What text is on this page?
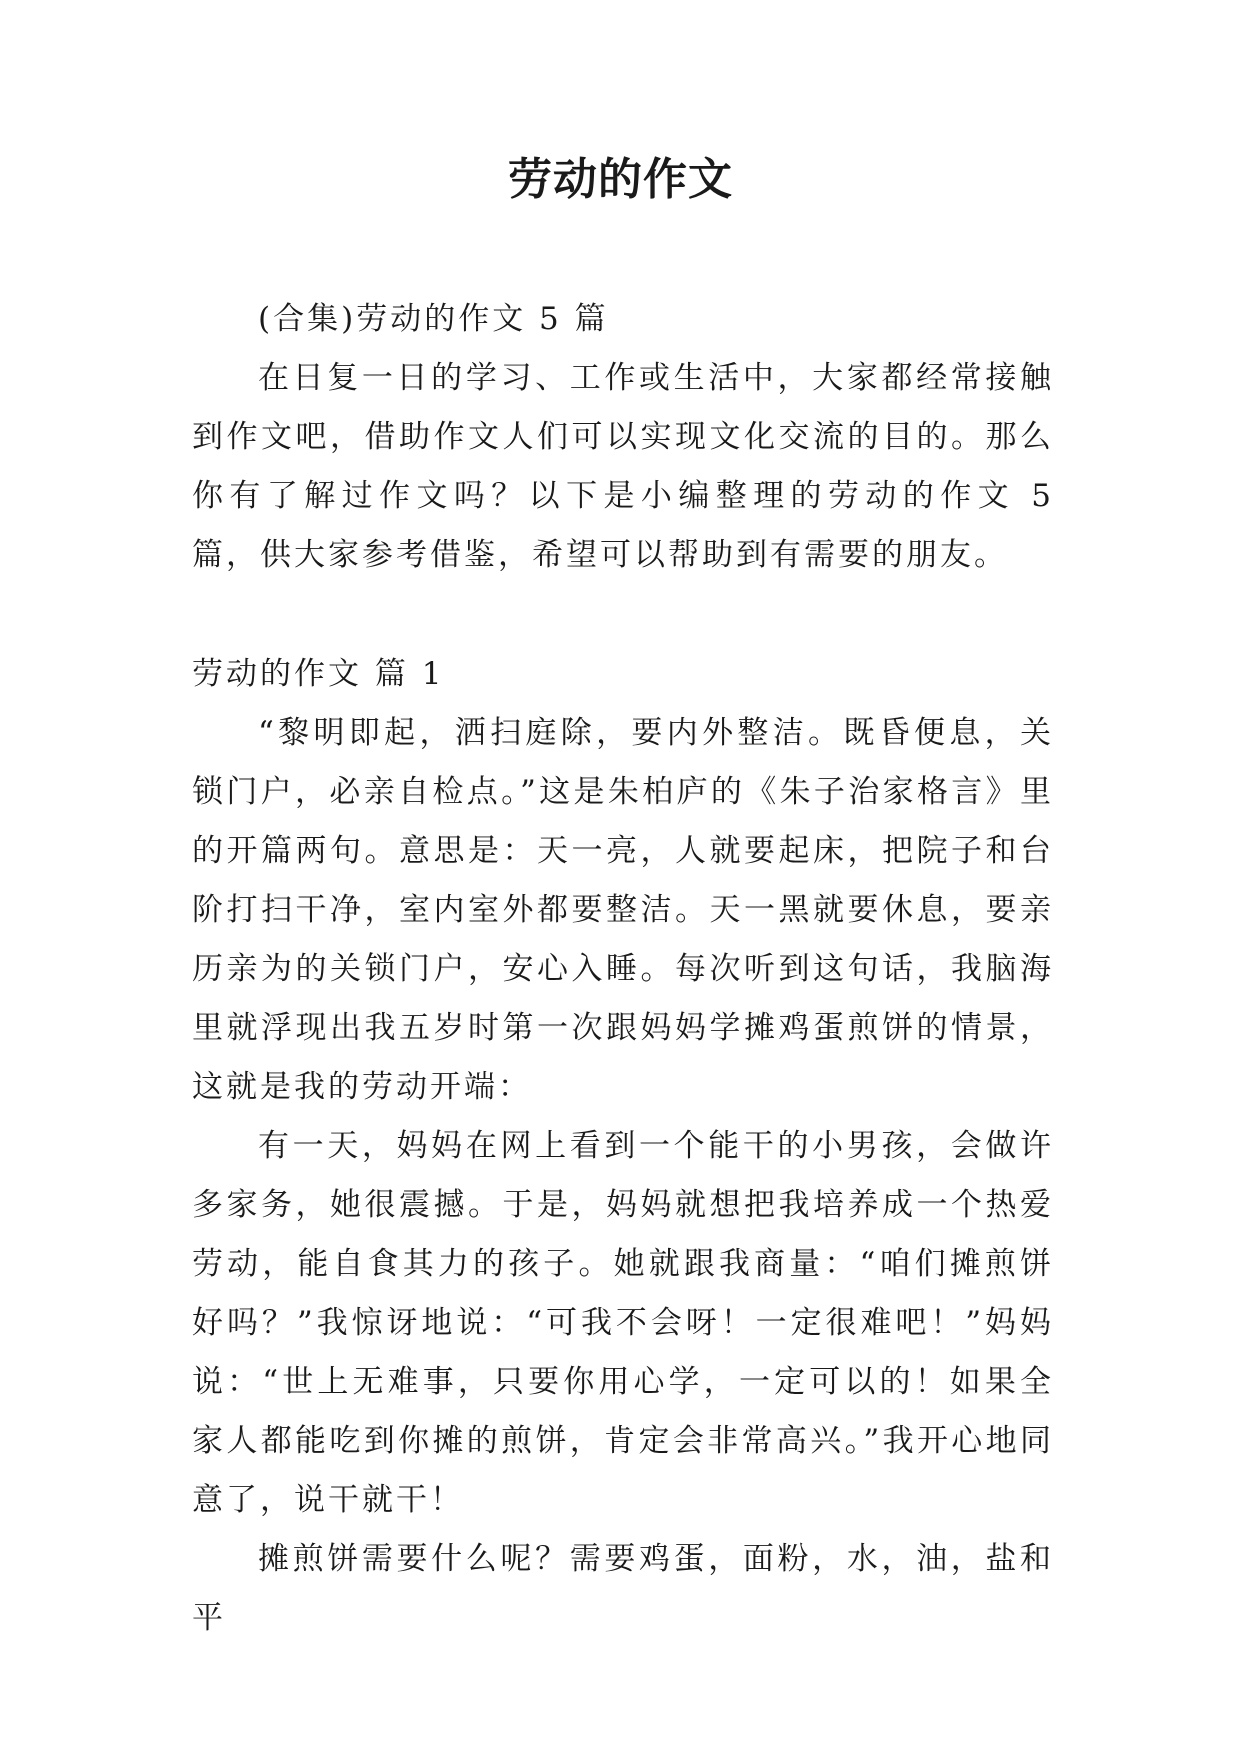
劳动的作文

(合集)劳动的作文 5 篇

在日复一日的学习、工作或生活中，大家都经常接触到作文吧，借助作文人们可以实现文化交流的目的。那么你有了解过作文吗？以下是小编整理的劳动的作文 5 篇，供大家参考借鉴，希望可以帮助到有需要的朋友。

劳动的作文 篇 1

“黎明即起，洒扫庭除，要内外整洁。既昏便息，关锁门户，必亲自检点。”这是朱柏庐的《朱子治家格言》里的开篇两句。意思是：天一亮，人就要起床，把院子和台阶打扫干净，室内室外都要整洁。天一黑就要休息，要亲历亲为的关锁门户，安心入睡。每次听到这句话，我脑海里就浮现出我五岁时第一次跟妈妈学摊鸡蛋煎饼的情景，这就是我的劳动开端：

有一天，妈妈在网上看到一个能干的小男孩，会做许多家务，她很震撼。于是，妈妈就想把我培养成一个热爱劳动，能自食其力的孩子。她就跟我商量：“咱们摊煎饼好吗？”我惊讶地说：“可我不会呀！一定很难吧！”妈妈说：“世上无难事，只要你用心学，一定可以的！如果全家人都能吃到你摊的煎饼，肯定会非常高兴。”我开心地同意了，说干就干！

摊煎饼需要什么呢？需要鸡蛋，面粉，水，油，盐和平
